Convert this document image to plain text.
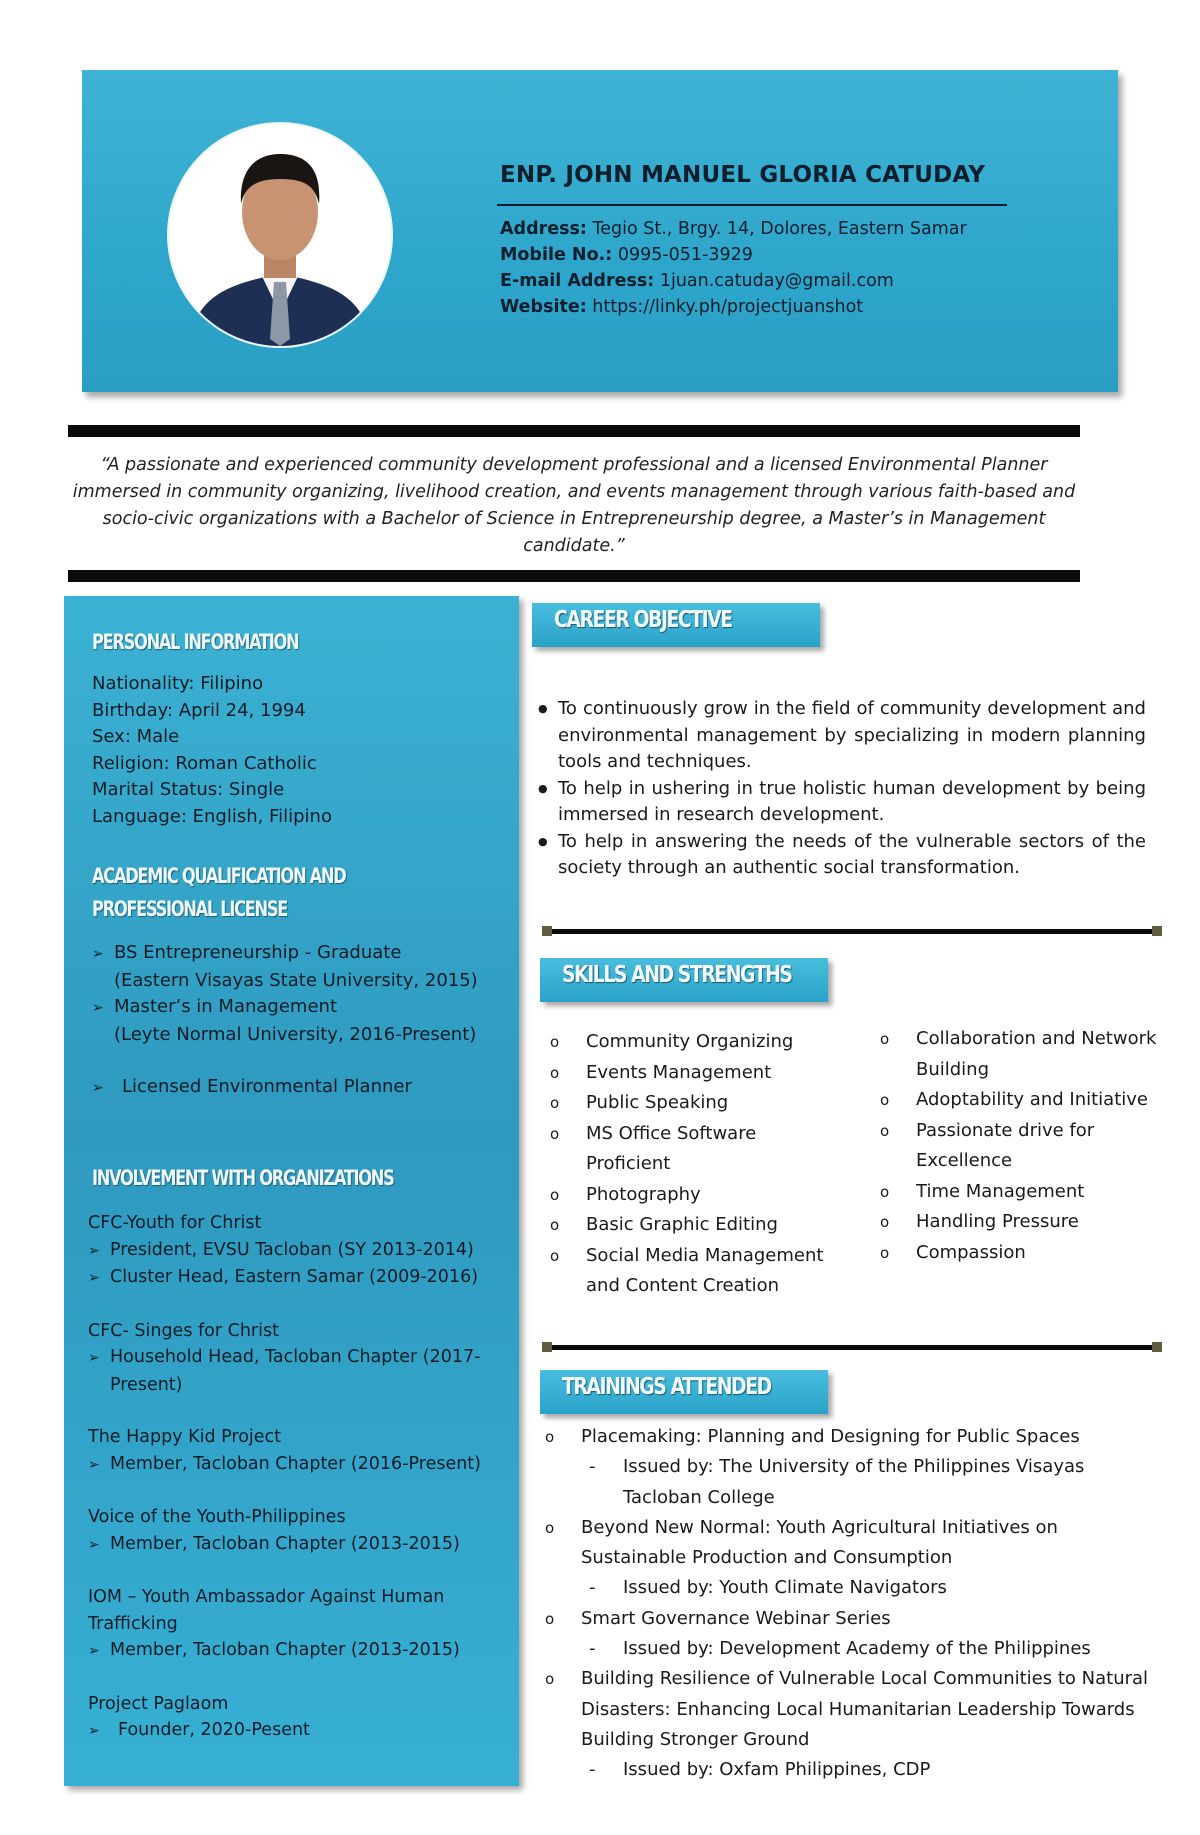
ENP. JOHN MANUEL GLORIA CATUDAY
Address: Tegio St., Brgy. 14, Dolores, Eastern Samar
Mobile No.: 0995-051-3929
E-mail Address: 1juan.catuday@gmail.com
Website: https://linky.ph/projectjuanshot
“A passionate and experienced community development professional and a licensed Environmental Planner immersed in community organizing, livelihood creation, and events management through various faith-based and socio-civic organizations with a Bachelor of Science in Entrepreneurship degree, a Master’s in Management candidate.”
PERSONAL INFORMATION
Nationality: Filipino
Birthday: April 24, 1994
Sex: Male
Religion: Roman Catholic
Marital Status: Single
Language: English, Filipino
ACADEMIC QUALIFICATION AND
PROFESSIONAL LICENSE
➢ BS Entrepreneurship - Graduate
(Eastern Visayas State University, 2015)
➢ Master’s in Management
(Leyte Normal University, 2016-Present)
➢ Licensed Environmental Planner
INVOLVEMENT WITH ORGANIZATIONS
CFC-Youth for Christ
➢ President, EVSU Tacloban (SY 2013-2014)
➢ Cluster Head, Eastern Samar (2009-2016)
CFC- Singes for Christ
➢ Household Head, Tacloban Chapter (2017-
Present)
The Happy Kid Project
➢ Member, Tacloban Chapter (2016-Present)
Voice of the Youth-Philippines
➢ Member, Tacloban Chapter (2013-2015)
IOM – Youth Ambassador Against Human
Trafficking
➢ Member, Tacloban Chapter (2013-2015)
Project Paglaom
➢ Founder, 2020-Pesent
CAREER OBJECTIVE
● To continuously grow in the field of community development and environmental management by specializing in modern planning tools and techniques.
● To help in ushering in true holistic human development by being immersed in research development.
● To help in answering the needs of the vulnerable sectors of the society through an authentic social transformation.
SKILLS AND STRENGTHS
o Community Organizing
o Events Management
o Public Speaking
o MS Office Software Proficient
o Photography
o Basic Graphic Editing
o Social Media Management and Content Creation
o Collaboration and Network Building
o Adoptability and Initiative
o Passionate drive for Excellence
o Time Management
o Handling Pressure
o Compassion
TRAININGS ATTENDED
o Placemaking: Planning and Designing for Public Spaces
- Issued by: The University of the Philippines Visayas Tacloban College
o Beyond New Normal: Youth Agricultural Initiatives on Sustainable Production and Consumption
- Issued by: Youth Climate Navigators
o Smart Governance Webinar Series
- Issued by: Development Academy of the Philippines
o Building Resilience of Vulnerable Local Communities to Natural Disasters: Enhancing Local Humanitarian Leadership Towards Building Stronger Ground
- Issued by: Oxfam Philippines, CDP
